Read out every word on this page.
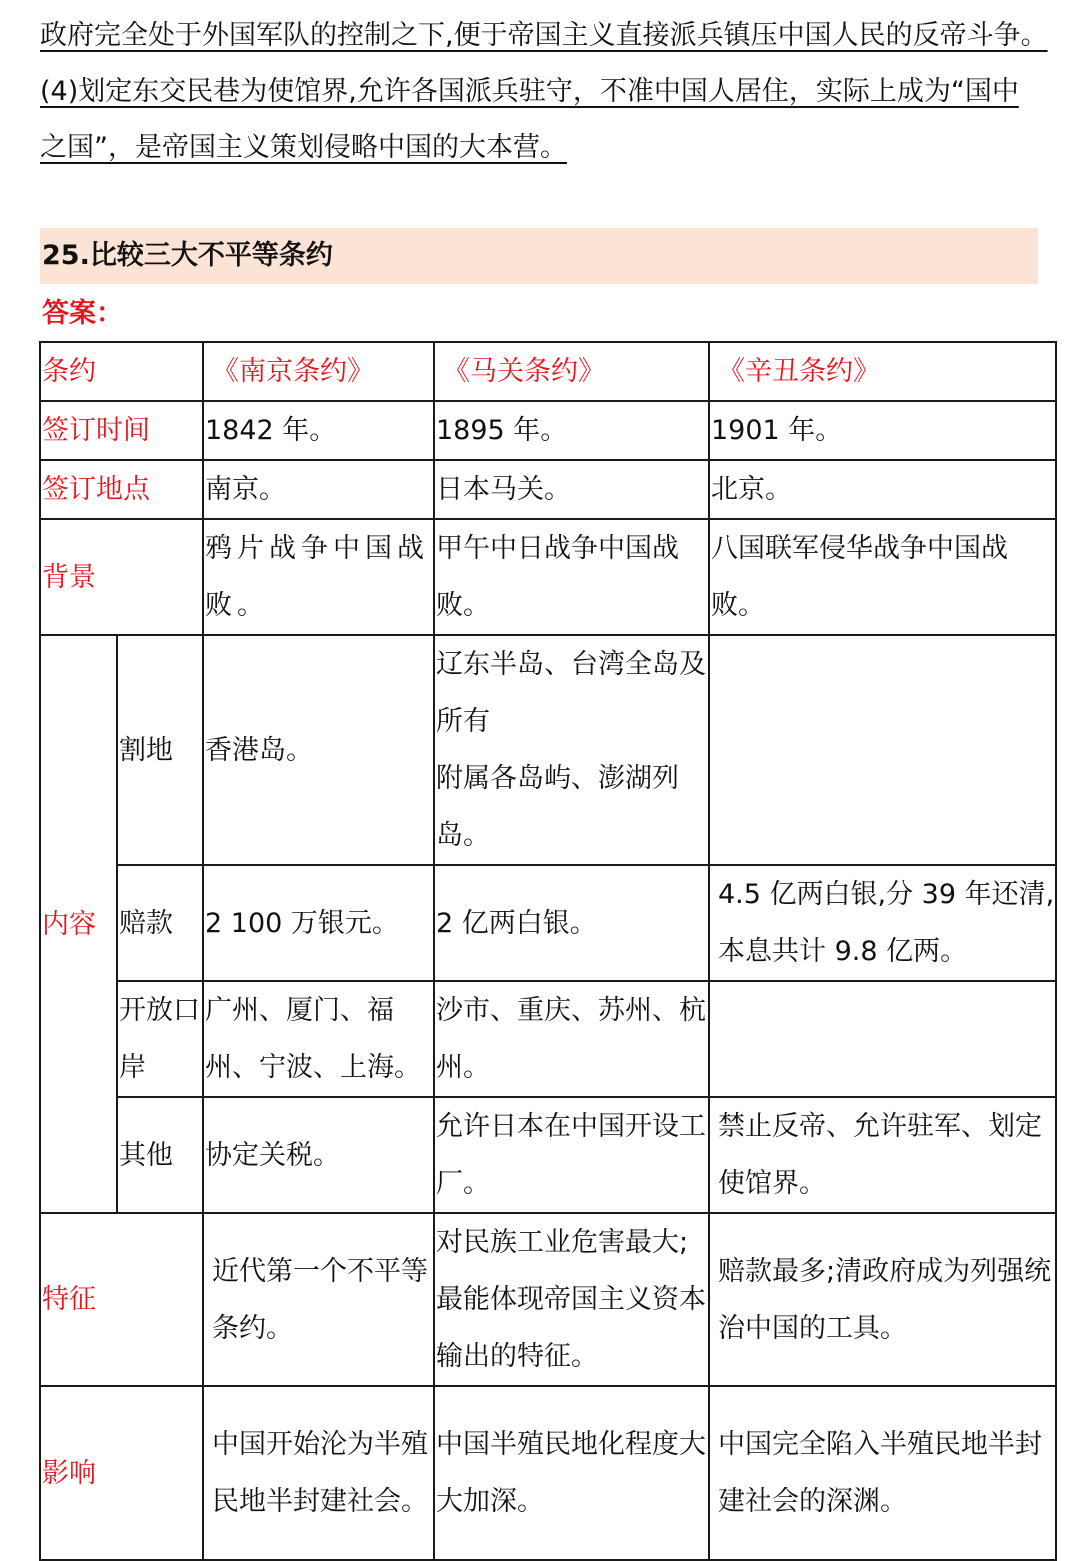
政府完全处于外国军队的控制之下,便于帝国主义直接派兵镇压中国人民的反帝斗争。
(4)划定东交民巷为使馆界,允许各国派兵驻守，不准中国人居住，实际上成为“国中
之国”，是帝国主义策划侵略中国的大本营。
25.比较三大不平等条约
答案：
条约		《南京条约》	《马关条约》	《辛丑条约》
签订时间		1842 年。	1895 年。	1901 年。
签订地点		南京。	日本马关。	北京。
背景		鸦片战争中国战败。	甲午中日战争中国战败。	八国联军侵华战争中国战败。
内容	割地	香港岛。	辽东半岛、台湾全岛及所有
附属各岛屿、澎湖列岛。	

	赔款	2 100 万银元。	2 亿两白银。	4.5 亿两白银,分 39 年还清,本息共计 9.8 亿两。
	开放口岸	广州、厦门、福州、宁波、上海。	沙市、重庆、苏州、杭州。	
	其他	协定关税。	允许日本在中国开设工厂。	禁止反帝、允许驻军、划定使馆界。
特征		近代第一个不平等条约。	对民族工业危害最大;最能体现帝国主义资本输出的特征。	赔款最多;清政府成为列强统治中国的工具。
影响		中国开始沦为半殖民地半封建社会。	中国半殖民地化程度大大加深。	中国完全陷入半殖民地半封建社会的深渊。
